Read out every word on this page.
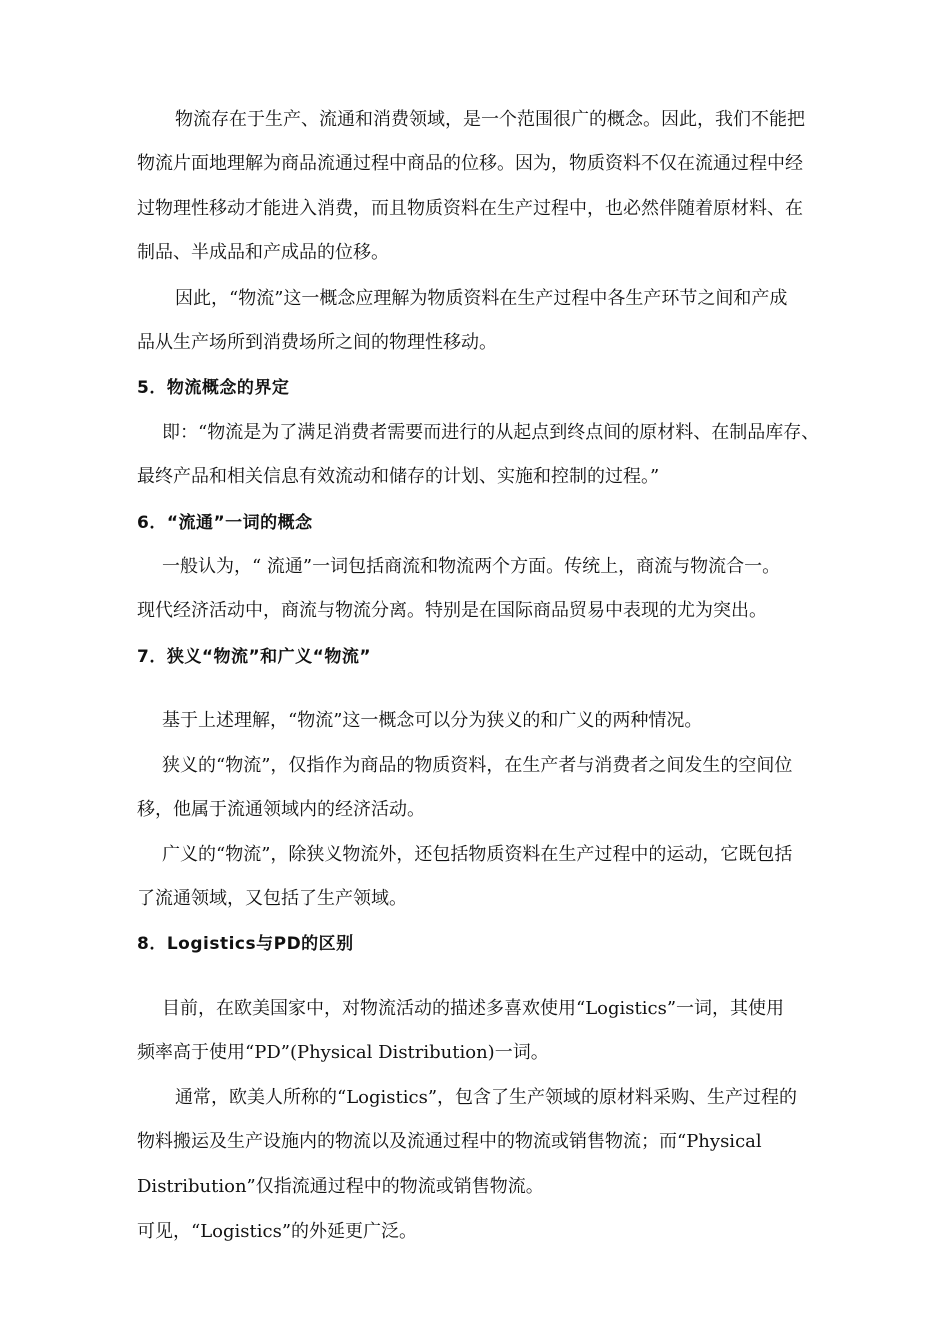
物流存在于生产、流通和消费领域，是一个范围很广的概念。因此，我们不能把
物流片面地理解为商品流通过程中商品的位移。因为，物质资料不仅在流通过程中经
过物理性移动才能进入消费，而且物质资料在生产过程中，也必然伴随着原材料、在
制品、半成品和产成品的位移。
因此，“物流”这一概念应理解为物质资料在生产过程中各生产环节之间和产成
品从生产场所到消费场所之间的物理性移动。
5．物流概念的界定
即：“物流是为了满足消费者需要而进行的从起点到终点间的原材料、在制品库存、
最终产品和相关信息有效流动和储存的计划、实施和控制的过程。”
6．“流通”一词的概念
一般认为，“ 流通”一词包括商流和物流两个方面。传统上，商流与物流合一。
现代经济活动中，商流与物流分离。特别是在国际商品贸易中表现的尤为突出。
7．狭义“物流”和广义“物流”
基于上述理解，“物流”这一概念可以分为狭义的和广义的两种情况。
狭义的“物流”，仅指作为商品的物质资料，在生产者与消费者之间发生的空间位
移，他属于流通领域内的经济活动。
广义的“物流”，除狭义物流外，还包括物质资料在生产过程中的运动，它既包括
了流通领域，又包括了生产领域。
8．Logistics与PD的区别
目前，在欧美国家中，对物流活动的描述多喜欢使用“Logistics”一词，其使用
频率高于使用“PD”(Physical Distribution)一词。
通常，欧美人所称的“Logistics”，包含了生产领域的原材料采购、生产过程的
物料搬运及生产设施内的物流以及流通过程中的物流或销售物流；而“Physical
Distribution”仅指流通过程中的物流或销售物流。
可见，“Logistics”的外延更广泛。
